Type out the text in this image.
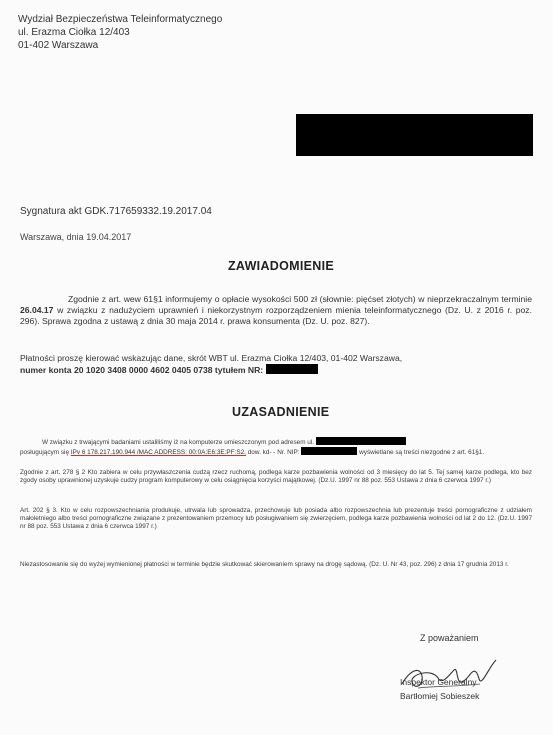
Wydział Bezpieczeństwa Teleinformatycznego
ul. Erazma Ciołka 12/403
01-402 Warszawa
Sygnatura akt GDK.717659332.19.2017.04
Warszawa, dnia 19.04.2017
ZAWIADOMIENIE
Zgodnie z art. wew 61§1 informujemy o opłacie wysokości 500 zł (słownie: pięćset złotych) w nieprzekraczalnym terminie 26.04.17 w związku z nadużyciem uprawnień i niekorzystnym rozporządzeniem mienia teleinformatycznego (Dz. U. z 2016 r. poz. 296). Sprawa zgodna z ustawą z dnia 30 maja 2014 r. prawa konsumenta (Dz. U. poz. 827).
Płatności proszę kierować wskazując dane, skrót WBT ul. Erazma Ciołka 12/403, 01-402 Warszawa,
numer konta 20 1020 3408 0000 4602 0405 0738 tytułem NR:
UZASADNIENIE
W związku z trwającymi badaniami ustaliliśmy iż na komputerze umieszczonym pod adresem ul.
posługującym się IPv 6 178.217.190.944 /MAC ADDRESS: 00:0A:E6:3E:PF:S2, dow. kd- - Nr. NIP:	wyświetlane są treści niezgodne z art. 61§1.
Zgodnie z art. 278 § 2 Kto zabiera w celu przywłaszczenia cudzą rzecz ruchomą, podlega karze pozbawienia wolności od 3 miesięcy do lat 5. Tej samej karze podlega, kto bez zgody osoby uprawnionej uzyskuje cudzy program komputerowy w celu osiągnięcia korzyści majątkowej. (Dz.U. 1997 nr 88 poz. 553 Ustawa z dnia 6 czerwca 1997 r.)
Art. 202 § 3. Kto w celu rozpowszechniania produkuje, utrwala lub sprowadza, przechowuje lub posiada albo rozpowszechnia lub prezentuje treści pornograficzne z udziałem małoletniego albo treści pornograficzne związane z prezentowaniem przemocy lub posługiwaniem się zwierzęciem, podlega karze pozbawienia wolności od lat 2 do 12. (Dz.U. 1997 nr 88 poz. 553 Ustawa z dnia 6 czerwca 1997 r.)
Niezastosowanie się do wyżej wymienionej płatności w terminie będzie skutkować skierowaniem sprawy na drogę sądową. (Dz. U. Nr 43, poz. 296) z dnia 17 grudnia 2013 r.
Z poważaniem
Inspektor Generalny
Bartłomiej Sobieszek
